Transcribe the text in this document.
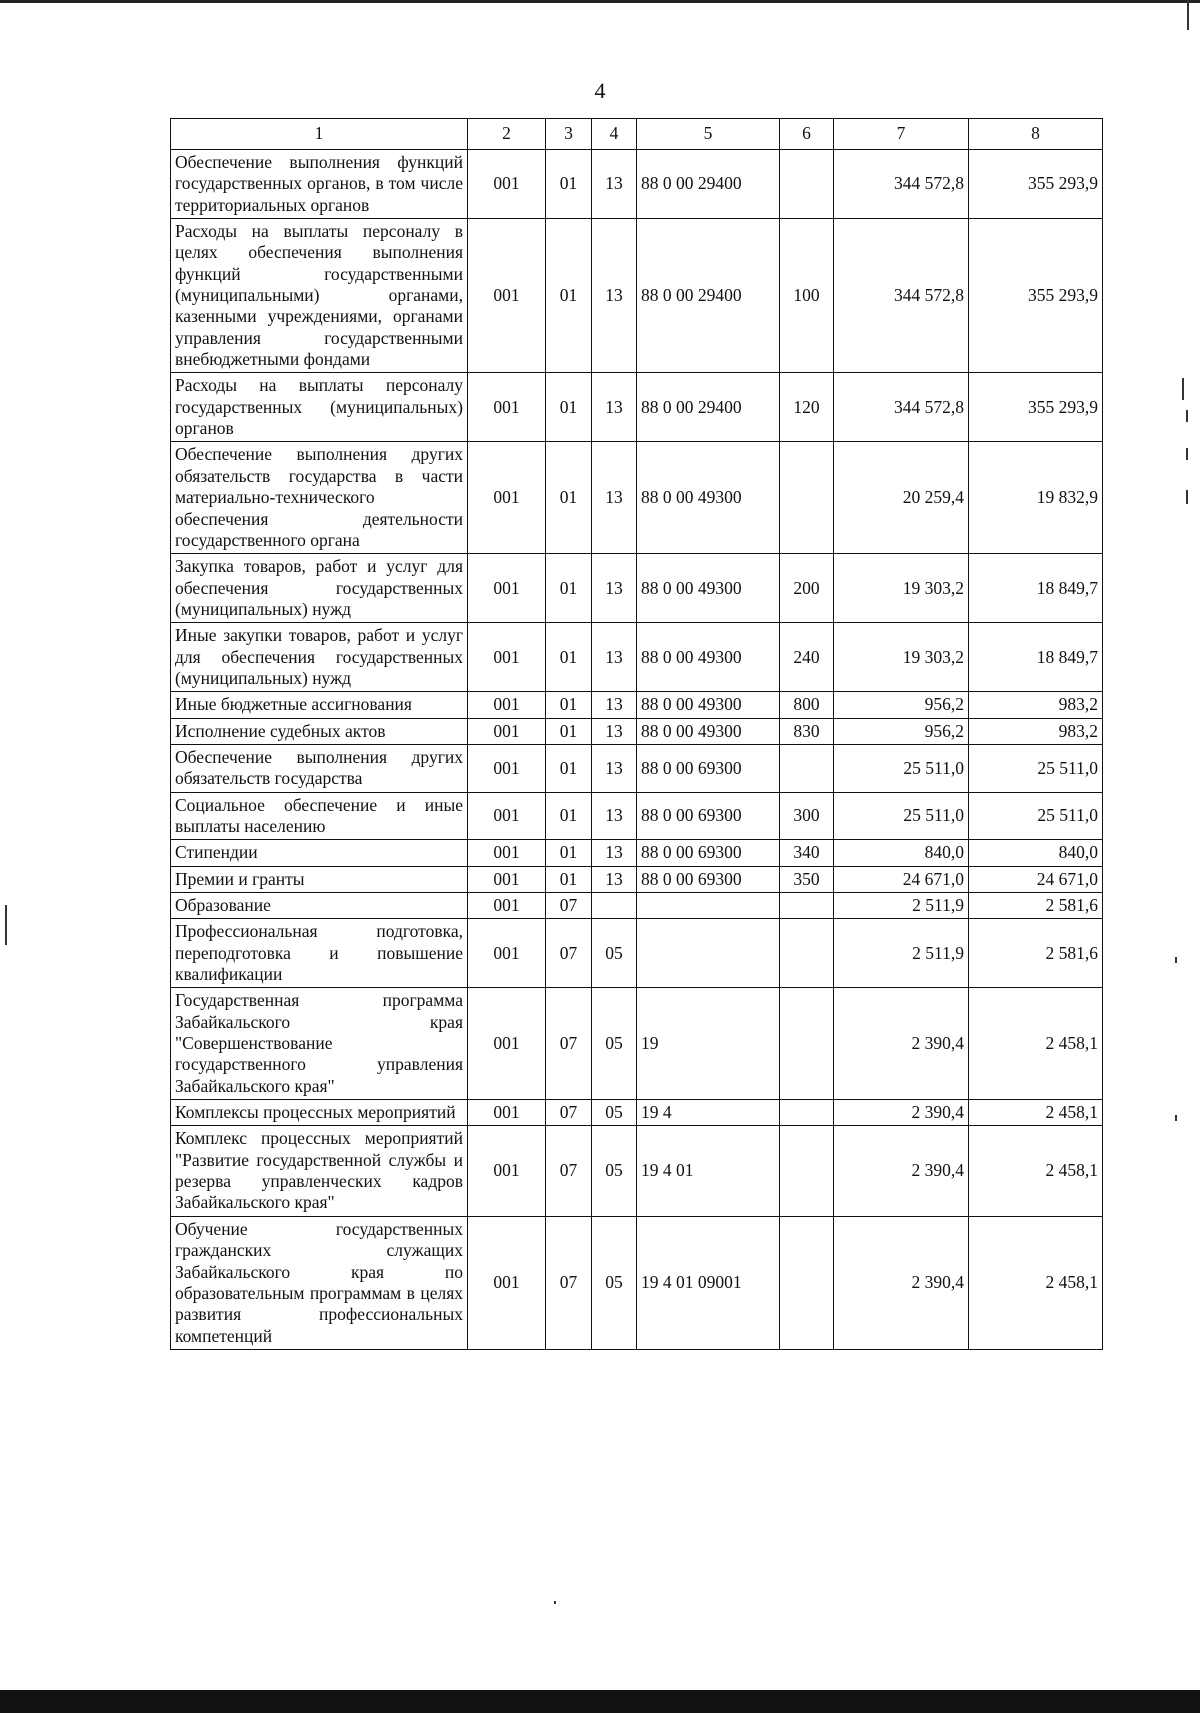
4
1	2	3	4	5	6	7	8
Обеспечение выполнения функций государственных органов, в том числе территориальных органов	001	01	13	88 0 00 29400		344 572,8	355 293,9
Расходы на выплаты персоналу в целях обеспечения выполнения функций государственными (муниципальными) органами, казенными учреждениями, органами управления государственными внебюджетными фондами	001	01	13	88 0 00 29400	100	344 572,8	355 293,9
Расходы на выплаты персоналу государственных (муниципальных) органов	001	01	13	88 0 00 29400	120	344 572,8	355 293,9
Обеспечение выполнения других обязательств государства в части материально-технического обеспечения деятельности государственного органа	001	01	13	88 0 00 49300		20 259,4	19 832,9
Закупка товаров, работ и услуг для обеспечения государственных (муниципальных) нужд	001	01	13	88 0 00 49300	200	19 303,2	18 849,7
Иные закупки товаров, работ и услуг для обеспечения государственных (муниципальных) нужд	001	01	13	88 0 00 49300	240	19 303,2	18 849,7
Иные бюджетные ассигнования	001	01	13	88 0 00 49300	800	956,2	983,2
Исполнение судебных актов	001	01	13	88 0 00 49300	830	956,2	983,2
Обеспечение выполнения других обязательств государства	001	01	13	88 0 00 69300		25 511,0	25 511,0
Социальное обеспечение и иные выплаты населению	001	01	13	88 0 00 69300	300	25 511,0	25 511,0
Стипендии	001	01	13	88 0 00 69300	340	840,0	840,0
Премии и гранты	001	01	13	88 0 00 69300	350	24 671,0	24 671,0
Образование	001	07				2 511,9	2 581,6
Профессиональная подготовка, переподготовка и повышение квалификации	001	07	05			2 511,9	2 581,6
Государственная программа Забайкальского края "Совершенствование государственного управления Забайкальского края"	001	07	05	19		2 390,4	2 458,1
Комплексы процессных мероприятий	001	07	05	19 4		2 390,4	2 458,1
Комплекс процессных мероприятий "Развитие государственной службы и резерва управленческих кадров Забайкальского края"	001	07	05	19 4 01		2 390,4	2 458,1
Обучение государственных гражданских служащих Забайкальского края по образовательным программам в целях развития профессиональных компетенций	001	07	05	19 4 01 09001		2 390,4	2 458,1
